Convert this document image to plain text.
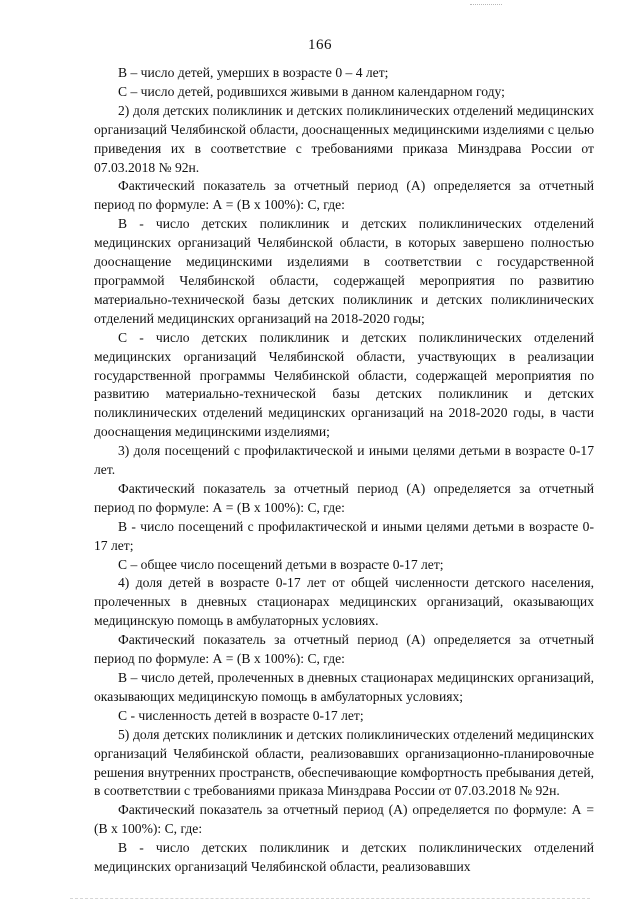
166

В – число детей, умерших в возрасте 0 – 4 лет;

С – число детей, родившихся живыми в данном календарном году;

2) доля детских поликлиник и детских поликлинических отделений медицинских организаций Челябинской области, дооснащенных медицинскими изделиями с целью приведения их в соответствие с требованиями приказа Минздрава России от 07.03.2018 № 92н.

Фактический показатель за отчетный период (А) определяется за отчетный период по формуле: А = (В х 100%): С, где:

В - число детских поликлиник и детских поликлинических отделений медицинских организаций Челябинской области, в которых завершено полностью дооснащение медицинскими изделиями в соответствии с государственной программой Челябинской области, содержащей мероприятия по развитию материально-технической базы детских поликлиник и детских поликлинических отделений медицинских организаций на 2018-2020 годы;

С - число детских поликлиник и детских поликлинических отделений медицинских организаций Челябинской области, участвующих в реализации государственной программы Челябинской области, содержащей мероприятия по развитию материально-технической базы детских поликлиник и детских поликлинических отделений медицинских организаций на 2018-2020 годы, в части дооснащения медицинскими изделиями;

3) доля посещений с профилактической и иными целями детьми в возрасте 0-17 лет.

Фактический показатель за отчетный период (А) определяется за отчетный период по формуле: А = (В х 100%): С, где:

В - число посещений с профилактической и иными целями детьми в возрасте 0-17 лет;

С – общее число посещений детьми в возрасте 0-17 лет;

4) доля детей в возрасте 0-17 лет от общей численности детского населения, пролеченных в дневных стационарах медицинских организаций, оказывающих медицинскую помощь в амбулаторных условиях.

Фактический показатель за отчетный период (А) определяется за отчетный период по формуле: А = (В х 100%): С, где:

В – число детей, пролеченных в дневных стационарах медицинских организаций, оказывающих медицинскую помощь в амбулаторных условиях;

С - численность детей в возрасте 0-17 лет;

5) доля детских поликлиник и детских поликлинических отделений медицинских организаций Челябинской области, реализовавших организационно-планировочные решения внутренних пространств, обеспечивающие комфортность пребывания детей, в соответствии с требованиями приказа Минздрава России от 07.03.2018 № 92н.

Фактический показатель за отчетный период (А) определяется по формуле: А = (В х 100%): С, где:

В - число детских поликлиник и детских поликлинических отделений медицинских организаций Челябинской области, реализовавших
